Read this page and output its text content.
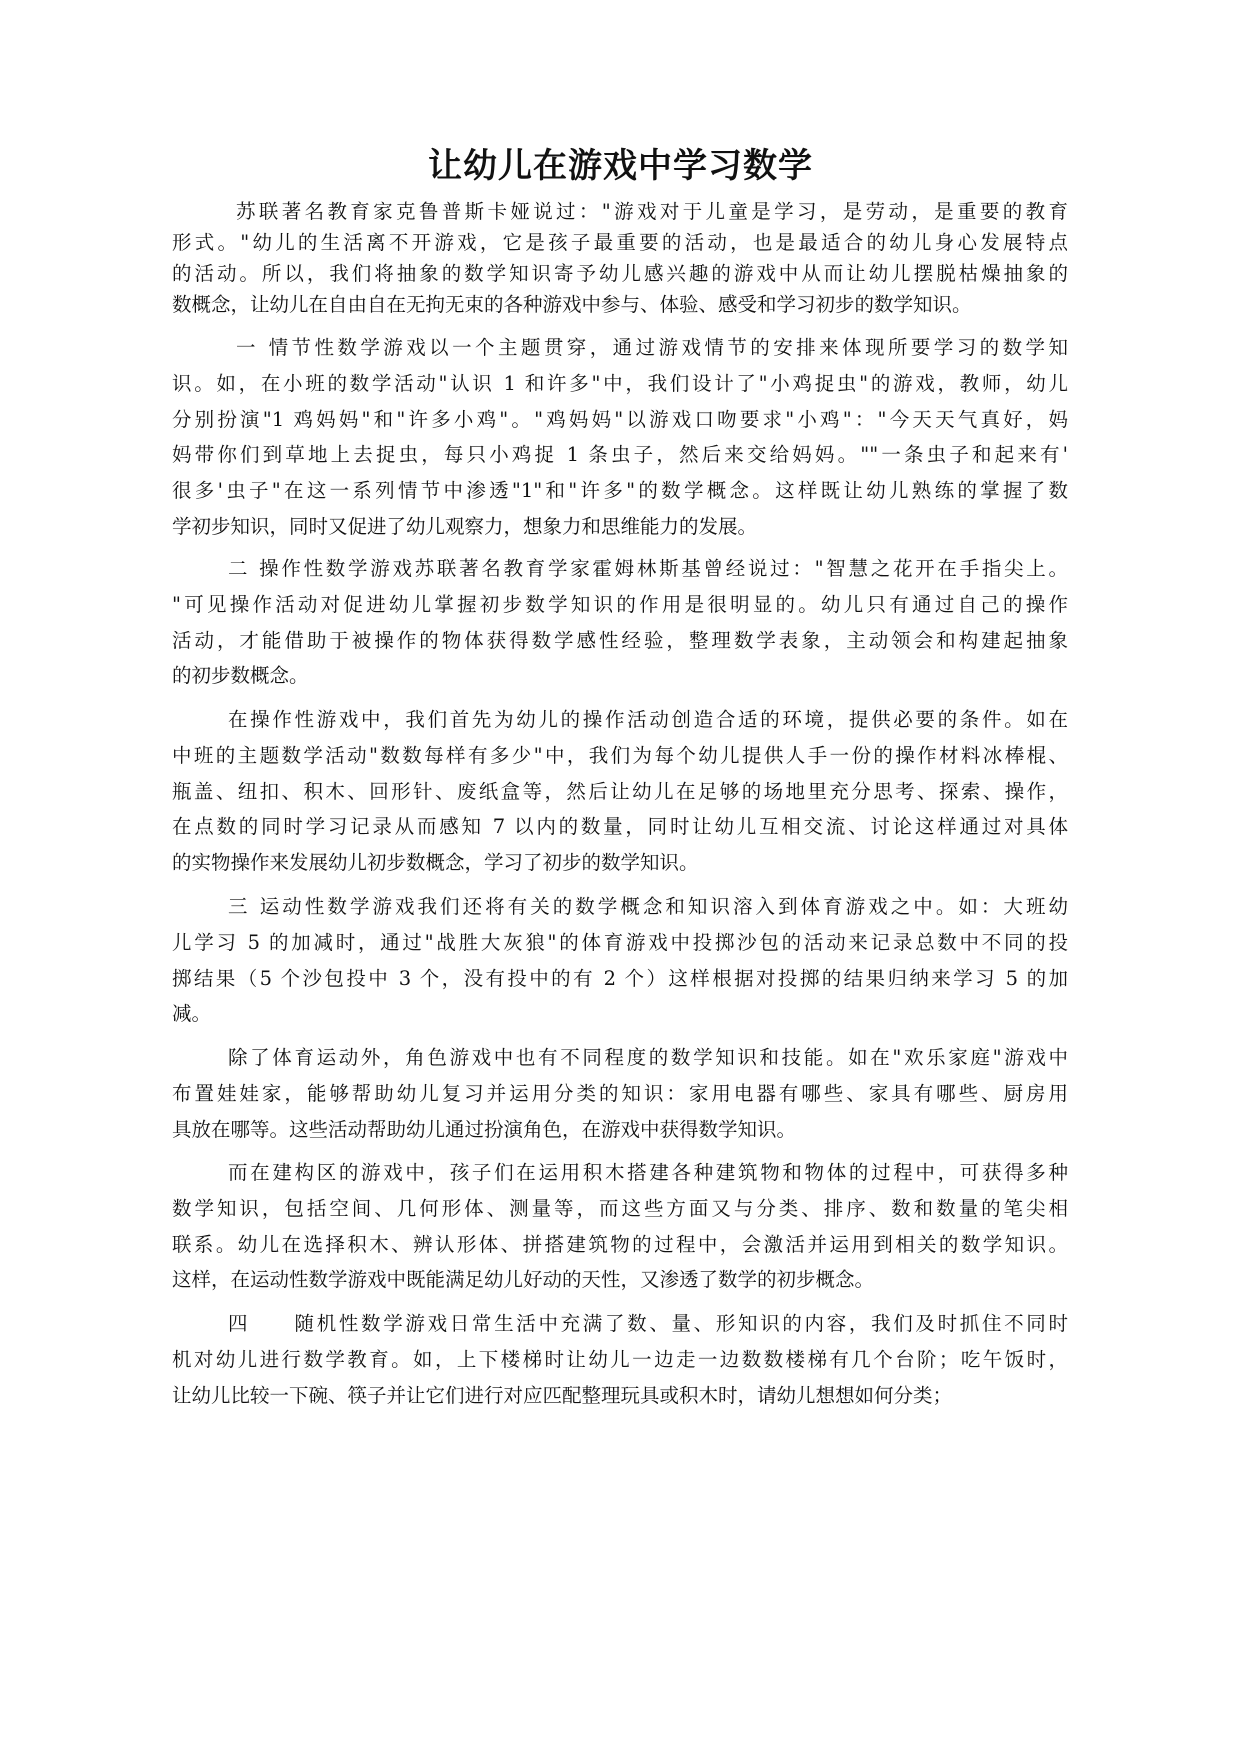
让幼儿在游戏中学习数学
苏联著名教育家克鲁普斯卡娅说过："游戏对于儿童是学习，是劳动，是重要的教育
形式。"幼儿的生活离不开游戏，它是孩子最重要的活动，也是最适合的幼儿身心发展特点
的活动。所以，我们将抽象的数学知识寄予幼儿感兴趣的游戏中从而让幼儿摆脱枯燥抽象的
数概念，让幼儿在自由自在无拘无束的各种游戏中参与、体验、感受和学习初步的数学知识。
一 情节性数学游戏以一个主题贯穿，通过游戏情节的安排来体现所要学习的数学知
识。如，在小班的数学活动"认识 1 和许多"中，我们设计了"小鸡捉虫"的游戏，教师，幼儿
分别扮演"1 鸡妈妈"和"许多小鸡"。"鸡妈妈"以游戏口吻要求"小鸡"："今天天气真好，妈
妈带你们到草地上去捉虫，每只小鸡捉 1 条虫子，然后来交给妈妈。""一条虫子和起来有'
很多'虫子"在这一系列情节中渗透"1"和"许多"的数学概念。这样既让幼儿熟练的掌握了数
学初步知识，同时又促进了幼儿观察力，想象力和思维能力的发展。
二 操作性数学游戏苏联著名教育学家霍姆林斯基曾经说过："智慧之花开在手指尖上。
"可见操作活动对促进幼儿掌握初步数学知识的作用是很明显的。幼儿只有通过自己的操作
活动，才能借助于被操作的物体获得数学感性经验，整理数学表象，主动领会和构建起抽象
的初步数概念。
在操作性游戏中，我们首先为幼儿的操作活动创造合适的环境，提供必要的条件。如在
中班的主题数学活动"数数每样有多少"中，我们为每个幼儿提供人手一份的操作材料冰棒棍、
瓶盖、纽扣、积木、回形针、废纸盒等，然后让幼儿在足够的场地里充分思考、探索、操作，
在点数的同时学习记录从而感知 7 以内的数量，同时让幼儿互相交流、讨论这样通过对具体
的实物操作来发展幼儿初步数概念，学习了初步的数学知识。
三 运动性数学游戏我们还将有关的数学概念和知识溶入到体育游戏之中。如：大班幼
儿学习 5 的加减时，通过"战胜大灰狼"的体育游戏中投掷沙包的活动来记录总数中不同的投
掷结果（5 个沙包投中 3 个，没有投中的有 2 个）这样根据对投掷的结果归纳来学习 5 的加
减。
除了体育运动外，角色游戏中也有不同程度的数学知识和技能。如在"欢乐家庭"游戏中
布置娃娃家，能够帮助幼儿复习并运用分类的知识：家用电器有哪些、家具有哪些、厨房用
具放在哪等。这些活动帮助幼儿通过扮演角色，在游戏中获得数学知识。
而在建构区的游戏中，孩子们在运用积木搭建各种建筑物和物体的过程中，可获得多种
数学知识，包括空间、几何形体、测量等，而这些方面又与分类、排序、数和数量的笔尖相
联系。幼儿在选择积木、辨认形体、拼搭建筑物的过程中，会激活并运用到相关的数学知识。
这样，在运动性数学游戏中既能满足幼儿好动的天性，又渗透了数学的初步概念。
四　　随机性数学游戏日常生活中充满了数、量、形知识的内容，我们及时抓住不同时
机对幼儿进行数学教育。如，上下楼梯时让幼儿一边走一边数数楼梯有几个台阶；吃午饭时，
让幼儿比较一下碗、筷子并让它们进行对应匹配整理玩具或积木时，请幼儿想想如何分类；
